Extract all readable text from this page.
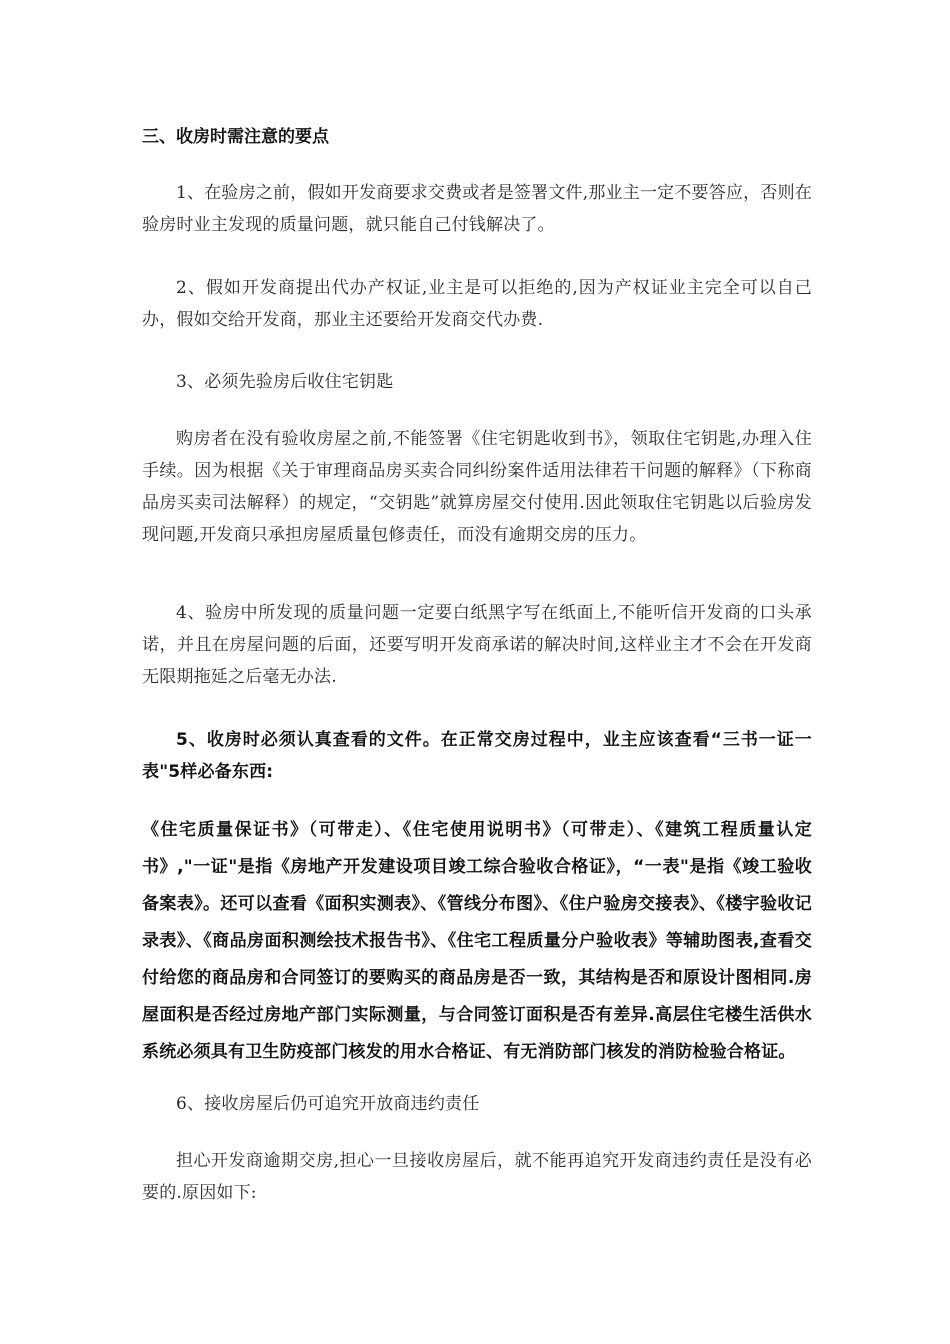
三、收房时需注意的要点

1、在验房之前，假如开发商要求交费或者是签署文件,那业主一定不要答应，否则在验房时业主发现的质量问题，就只能自己付钱解决了。

2、假如开发商提出代办产权证,业主是可以拒绝的,因为产权证业主完全可以自己办，假如交给开发商，那业主还要给开发商交代办费.

3、必须先验房后收住宅钥匙

购房者在没有验收房屋之前,不能签署《住宅钥匙收到书》，领取住宅钥匙,办理入住手续。因为根据《关于审理商品房买卖合同纠纷案件适用法律若干问题的解释》（下称商品房买卖司法解释）的规定，“交钥匙”就算房屋交付使用.因此领取住宅钥匙以后验房发现问题,开发商只承担房屋质量包修责任，而没有逾期交房的压力。

4、验房中所发现的质量问题一定要白纸黑字写在纸面上,不能听信开发商的口头承诺，并且在房屋问题的后面，还要写明开发商承诺的解决时间,这样业主才不会在开发商无限期拖延之后毫无办法.

5、收房时必须认真查看的文件。在正常交房过程中，业主应该查看“三书一证一表"5样必备东西:

《住宅质量保证书》（可带走）、《住宅使用说明书》（可带走）、《建筑工程质量认定书》,"一证"是指《房地产开发建设项目竣工综合验收合格证》，“一表"是指《竣工验收备案表》。还可以查看《面积实测表》、《管线分布图》、《住户验房交接表》、《楼宇验收记录表》、《商品房面积测绘技术报告书》、《住宅工程质量分户验收表》等辅助图表,查看交付给您的商品房和合同签订的要购买的商品房是否一致，其结构是否和原设计图相同.房屋面积是否经过房地产部门实际测量，与合同签订面积是否有差异.高层住宅楼生活供水系统必须具有卫生防疫部门核发的用水合格证、有无消防部门核发的消防检验合格证。

6、接收房屋后仍可追究开放商违约责任

担心开发商逾期交房,担心一旦接收房屋后，就不能再追究开发商违约责任是没有必要的.原因如下:
